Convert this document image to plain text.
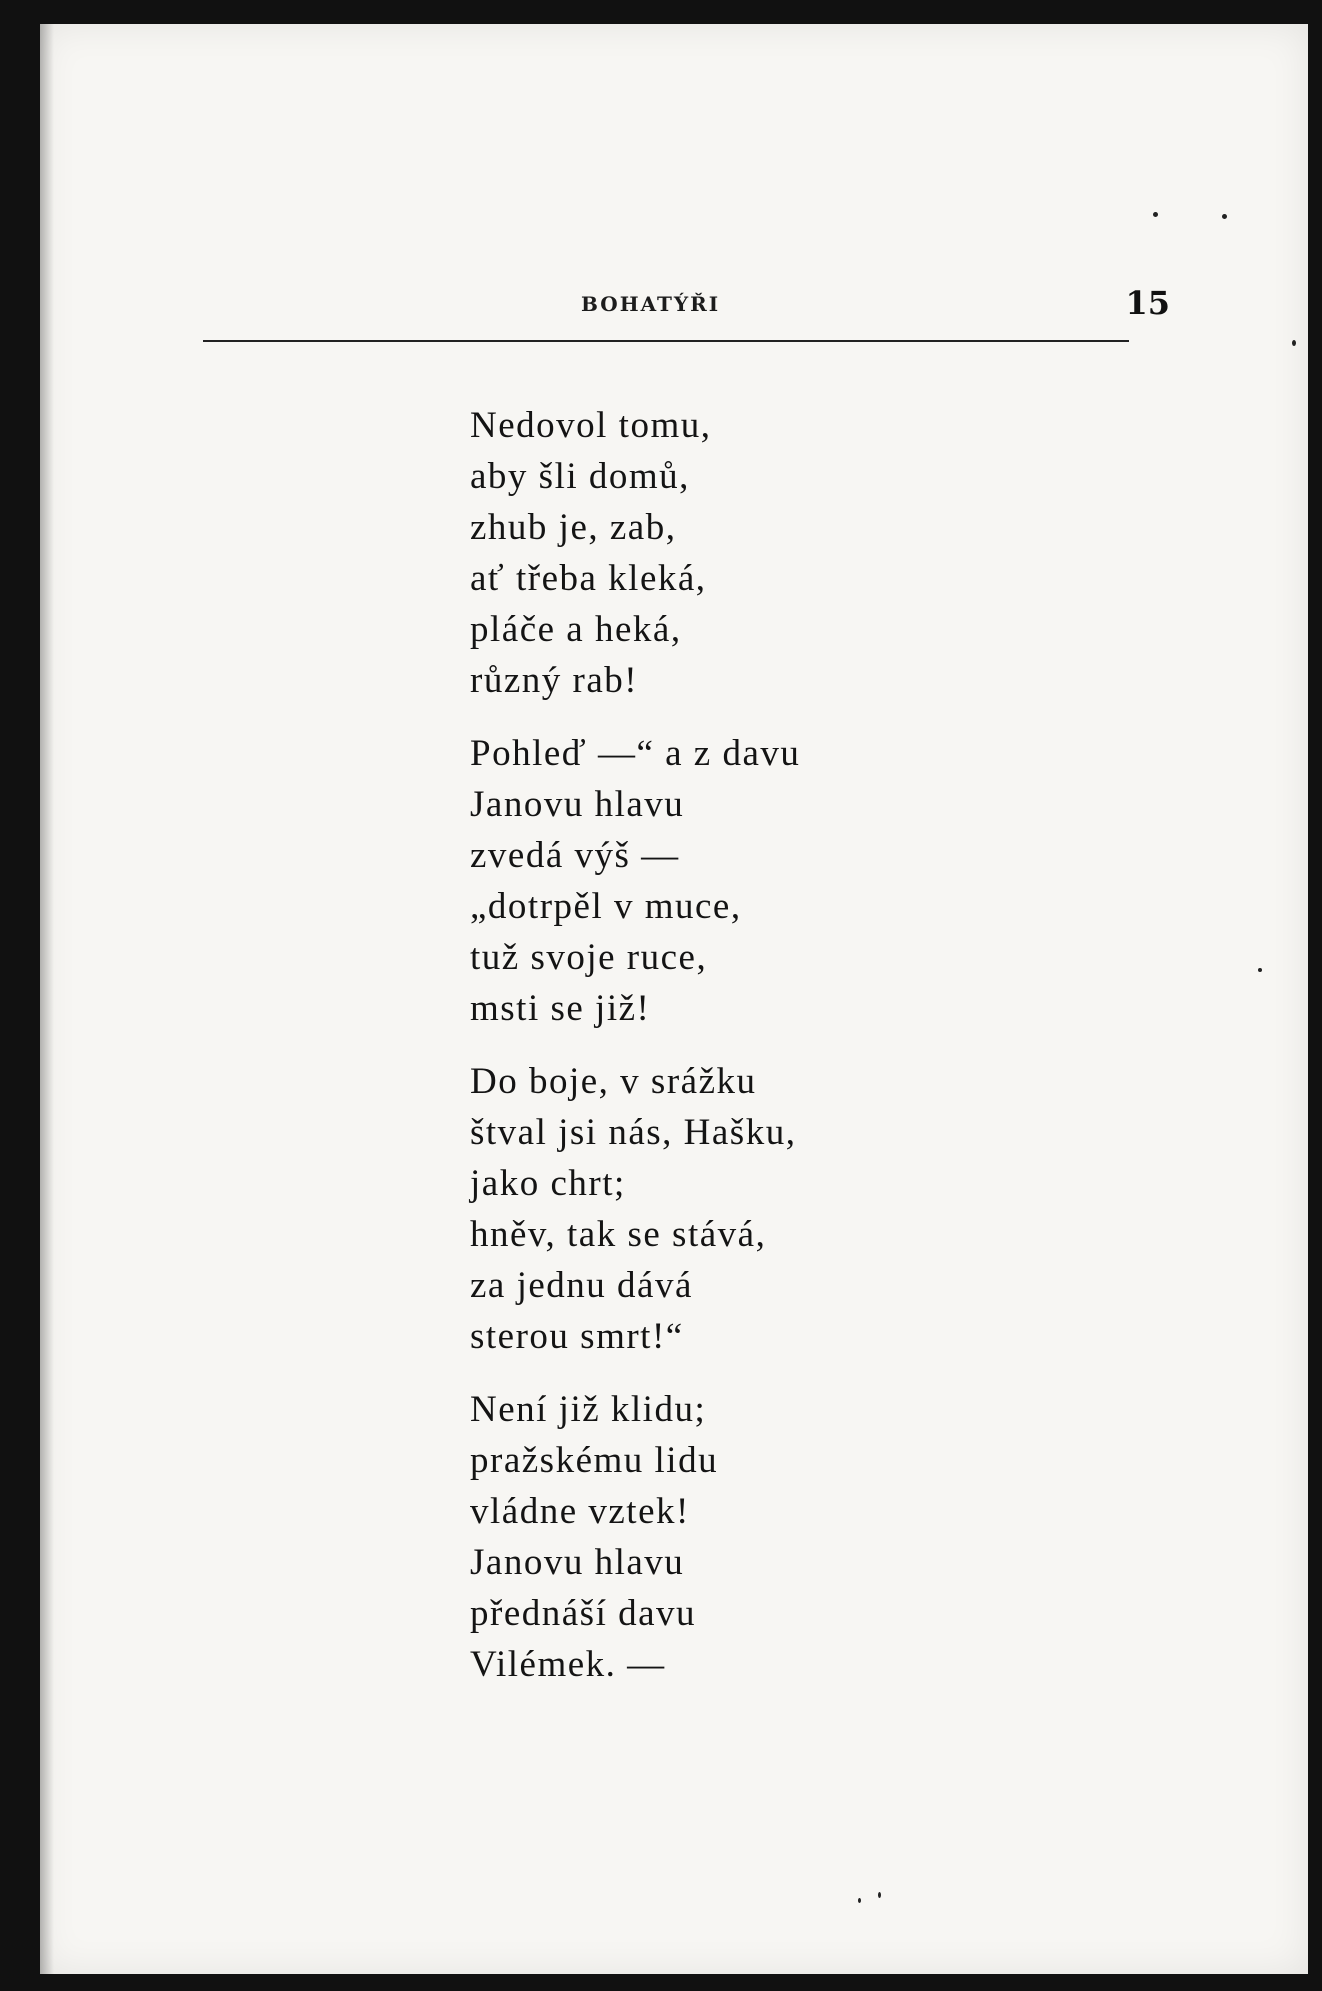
BOHATÝŘI	15
Nedovol tomu,
aby šli domů,
zhub je, zab,
ať třeba kleká,
pláče a heká,
různý rab!
Pohleď —“ a z davu
Janovu hlavu
zvedá výš —
„dotrpěl v muce,
tuž svoje ruce,
msti se již!
Do boje, v srážku
štval jsi nás, Hašku,
jako chrt;
hněv, tak se stává,
za jednu dává
sterou smrt!“
Není již klidu;
pražskému lidu
vládne vztek!
Janovu hlavu
přednáší davu
Vilémek. —
